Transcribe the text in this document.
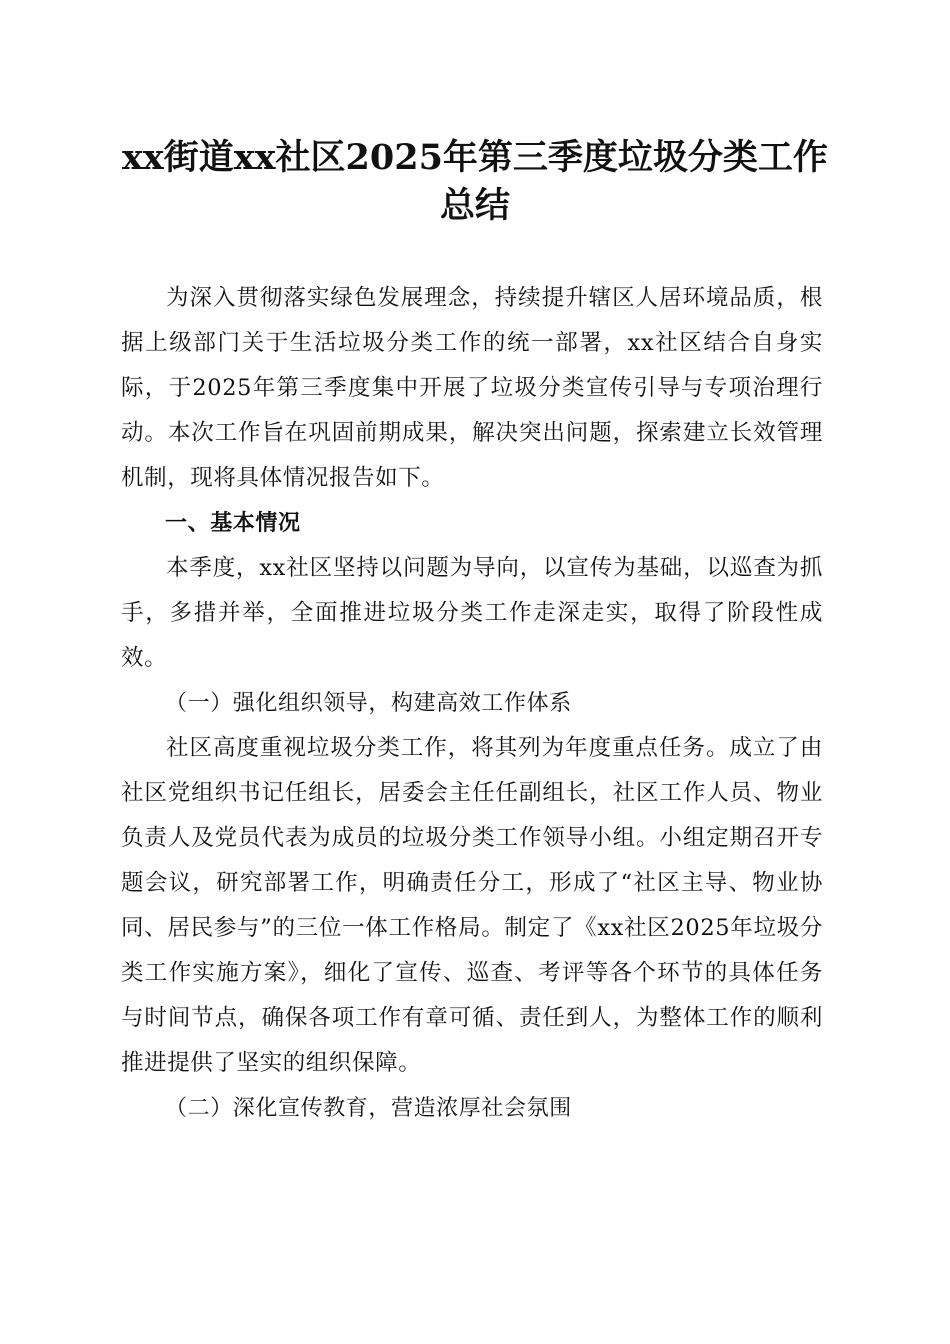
xx街道xx社区2025年第三季度垃圾分类工作
总结

为深入贯彻落实绿色发展理念，持续提升辖区人居环境品质，根据上级部门关于生活垃圾分类工作的统一部署，xx社区结合自身实际，于2025年第三季度集中开展了垃圾分类宣传引导与专项治理行动。本次工作旨在巩固前期成果，解决突出问题，探索建立长效管理机制，现将具体情况报告如下。

一、基本情况

本季度，xx社区坚持以问题为导向，以宣传为基础，以巡查为抓手，多措并举，全面推进垃圾分类工作走深走实，取得了阶段性成效。

（一）强化组织领导，构建高效工作体系

社区高度重视垃圾分类工作，将其列为年度重点任务。成立了由社区党组织书记任组长，居委会主任任副组长，社区工作人员、物业负责人及党员代表为成员的垃圾分类工作领导小组。小组定期召开专题会议，研究部署工作，明确责任分工，形成了“社区主导、物业协同、居民参与”的三位一体工作格局。制定了《xx社区2025年垃圾分类工作实施方案》，细化了宣传、巡查、考评等各个环节的具体任务与时间节点，确保各项工作有章可循、责任到人，为整体工作的顺利推进提供了坚实的组织保障。

（二）深化宣传教育，营造浓厚社会氛围
